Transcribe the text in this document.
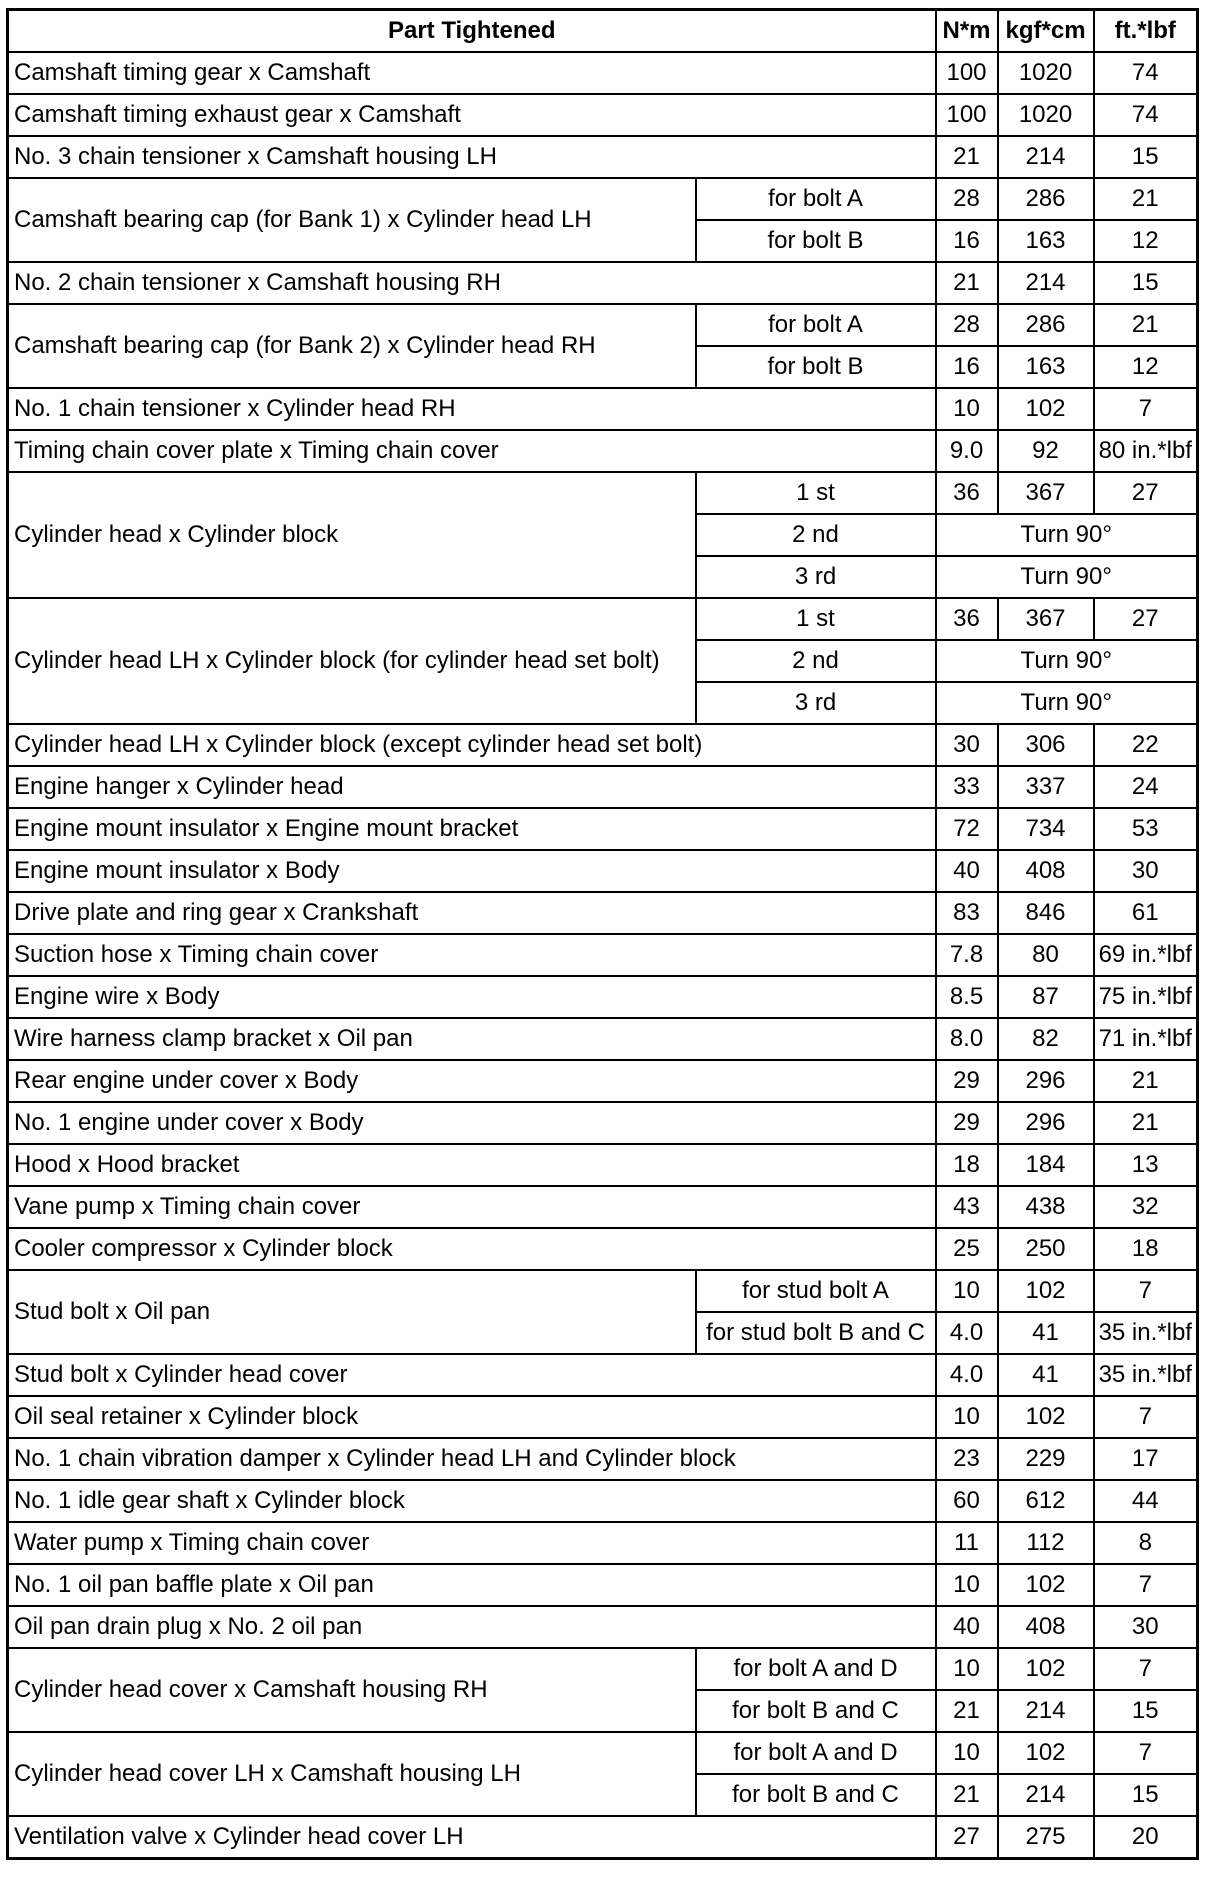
Part Tightened		N*m	kgf*cm	ft.*lbf
Camshaft timing gear x Camshaft		100	1020	74
Camshaft timing exhaust gear x Camshaft		100	1020	74
No. 3 chain tensioner x Camshaft housing LH		21	214	15
Camshaft bearing cap (for Bank 1) x Cylinder head LH	for bolt A	28	286	21
	for bolt B	16	163	12
No. 2 chain tensioner x Camshaft housing RH		21	214	15
Camshaft bearing cap (for Bank 2) x Cylinder head RH	for bolt A	28	286	21
	for bolt B	16	163	12
No. 1 chain tensioner x Cylinder head RH		10	102	7
Timing chain cover plate x Timing chain cover		9.0	92	80 in.*lbf
Cylinder head x Cylinder block	1 st	36	367	27
	2 nd	Turn 90°		
	3 rd	Turn 90°		
Cylinder head LH x Cylinder block (for cylinder head set bolt)	1 st	36	367	27
	2 nd	Turn 90°		
	3 rd	Turn 90°		
Cylinder head LH x Cylinder block (except cylinder head set bolt)		30	306	22
Engine hanger x Cylinder head		33	337	24
Engine mount insulator x Engine mount bracket		72	734	53
Engine mount insulator x Body		40	408	30
Drive plate and ring gear x Crankshaft		83	846	61
Suction hose x Timing chain cover		7.8	80	69 in.*lbf
Engine wire x Body		8.5	87	75 in.*lbf
Wire harness clamp bracket x Oil pan		8.0	82	71 in.*lbf
Rear engine under cover x Body		29	296	21
No. 1 engine under cover x Body		29	296	21
Hood x Hood bracket		18	184	13
Vane pump x Timing chain cover		43	438	32
Cooler compressor x Cylinder block		25	250	18
Stud bolt x Oil pan	for stud bolt A	10	102	7
	for stud bolt B and C	4.0	41	35 in.*lbf
Stud bolt x Cylinder head cover		4.0	41	35 in.*lbf
Oil seal retainer x Cylinder block		10	102	7
No. 1 chain vibration damper x Cylinder head LH and Cylinder block		23	229	17
No. 1 idle gear shaft x Cylinder block		60	612	44
Water pump x Timing chain cover		11	112	8
No. 1 oil pan baffle plate x Oil pan		10	102	7
Oil pan drain plug x No. 2 oil pan		40	408	30
Cylinder head cover x Camshaft housing RH	for bolt A and D	10	102	7
	for bolt B and C	21	214	15
Cylinder head cover LH x Camshaft housing LH	for bolt A and D	10	102	7
	for bolt B and C	21	214	15
Ventilation valve x Cylinder head cover LH		27	275	20
